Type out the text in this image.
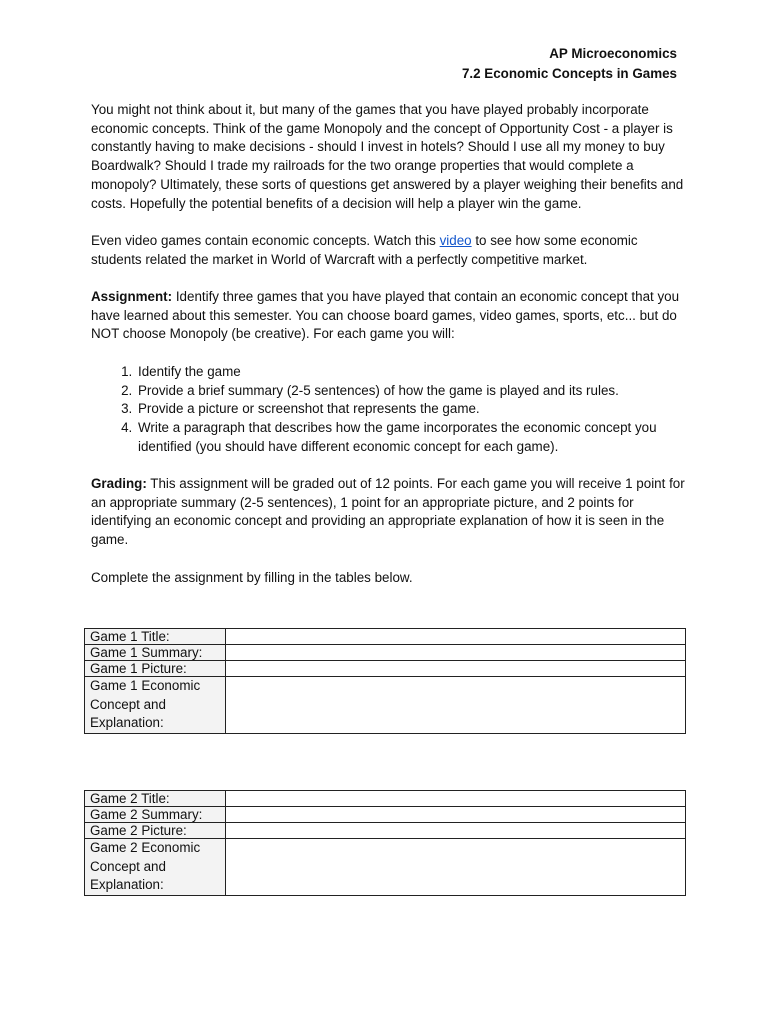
AP Microeconomics
7.2 Economic Concepts in Games

You might not think about it, but many of the games that you have played probably incorporate economic concepts. Think of the game Monopoly and the concept of Opportunity Cost - a player is constantly having to make decisions - should I invest in hotels? Should I use all my money to buy Boardwalk? Should I trade my railroads for the two orange properties that would complete a monopoly? Ultimately, these sorts of questions get answered by a player weighing their benefits and costs. Hopefully the potential benefits of a decision will help a player win the game.

Even video games contain economic concepts. Watch this video to see how some economic students related the market in World of Warcraft with a perfectly competitive market.

Assignment: Identify three games that you have played that contain an economic concept that you have learned about this semester. You can choose board games, video games, sports, etc... but do NOT choose Monopoly (be creative). For each game you will:

1. Identify the game
2. Provide a brief summary (2-5 sentences) of how the game is played and its rules.
3. Provide a picture or screenshot that represents the game.
4. Write a paragraph that describes how the game incorporates the economic concept you identified (you should have different economic concept for each game).

Grading: This assignment will be graded out of 12 points. For each game you will receive 1 point for an appropriate summary (2-5 sentences), 1 point for an appropriate picture, and 2 points for identifying an economic concept and providing an appropriate explanation of how it is seen in the game.

Complete the assignment by filling in the tables below.

Game 1 Title:	
Game 1 Summary:	
Game 1 Picture:	
Game 1 Economic Concept and Explanation:	
Game 2 Title:	
Game 2 Summary:	
Game 2 Picture:	
Game 2 Economic Concept and Explanation:	
